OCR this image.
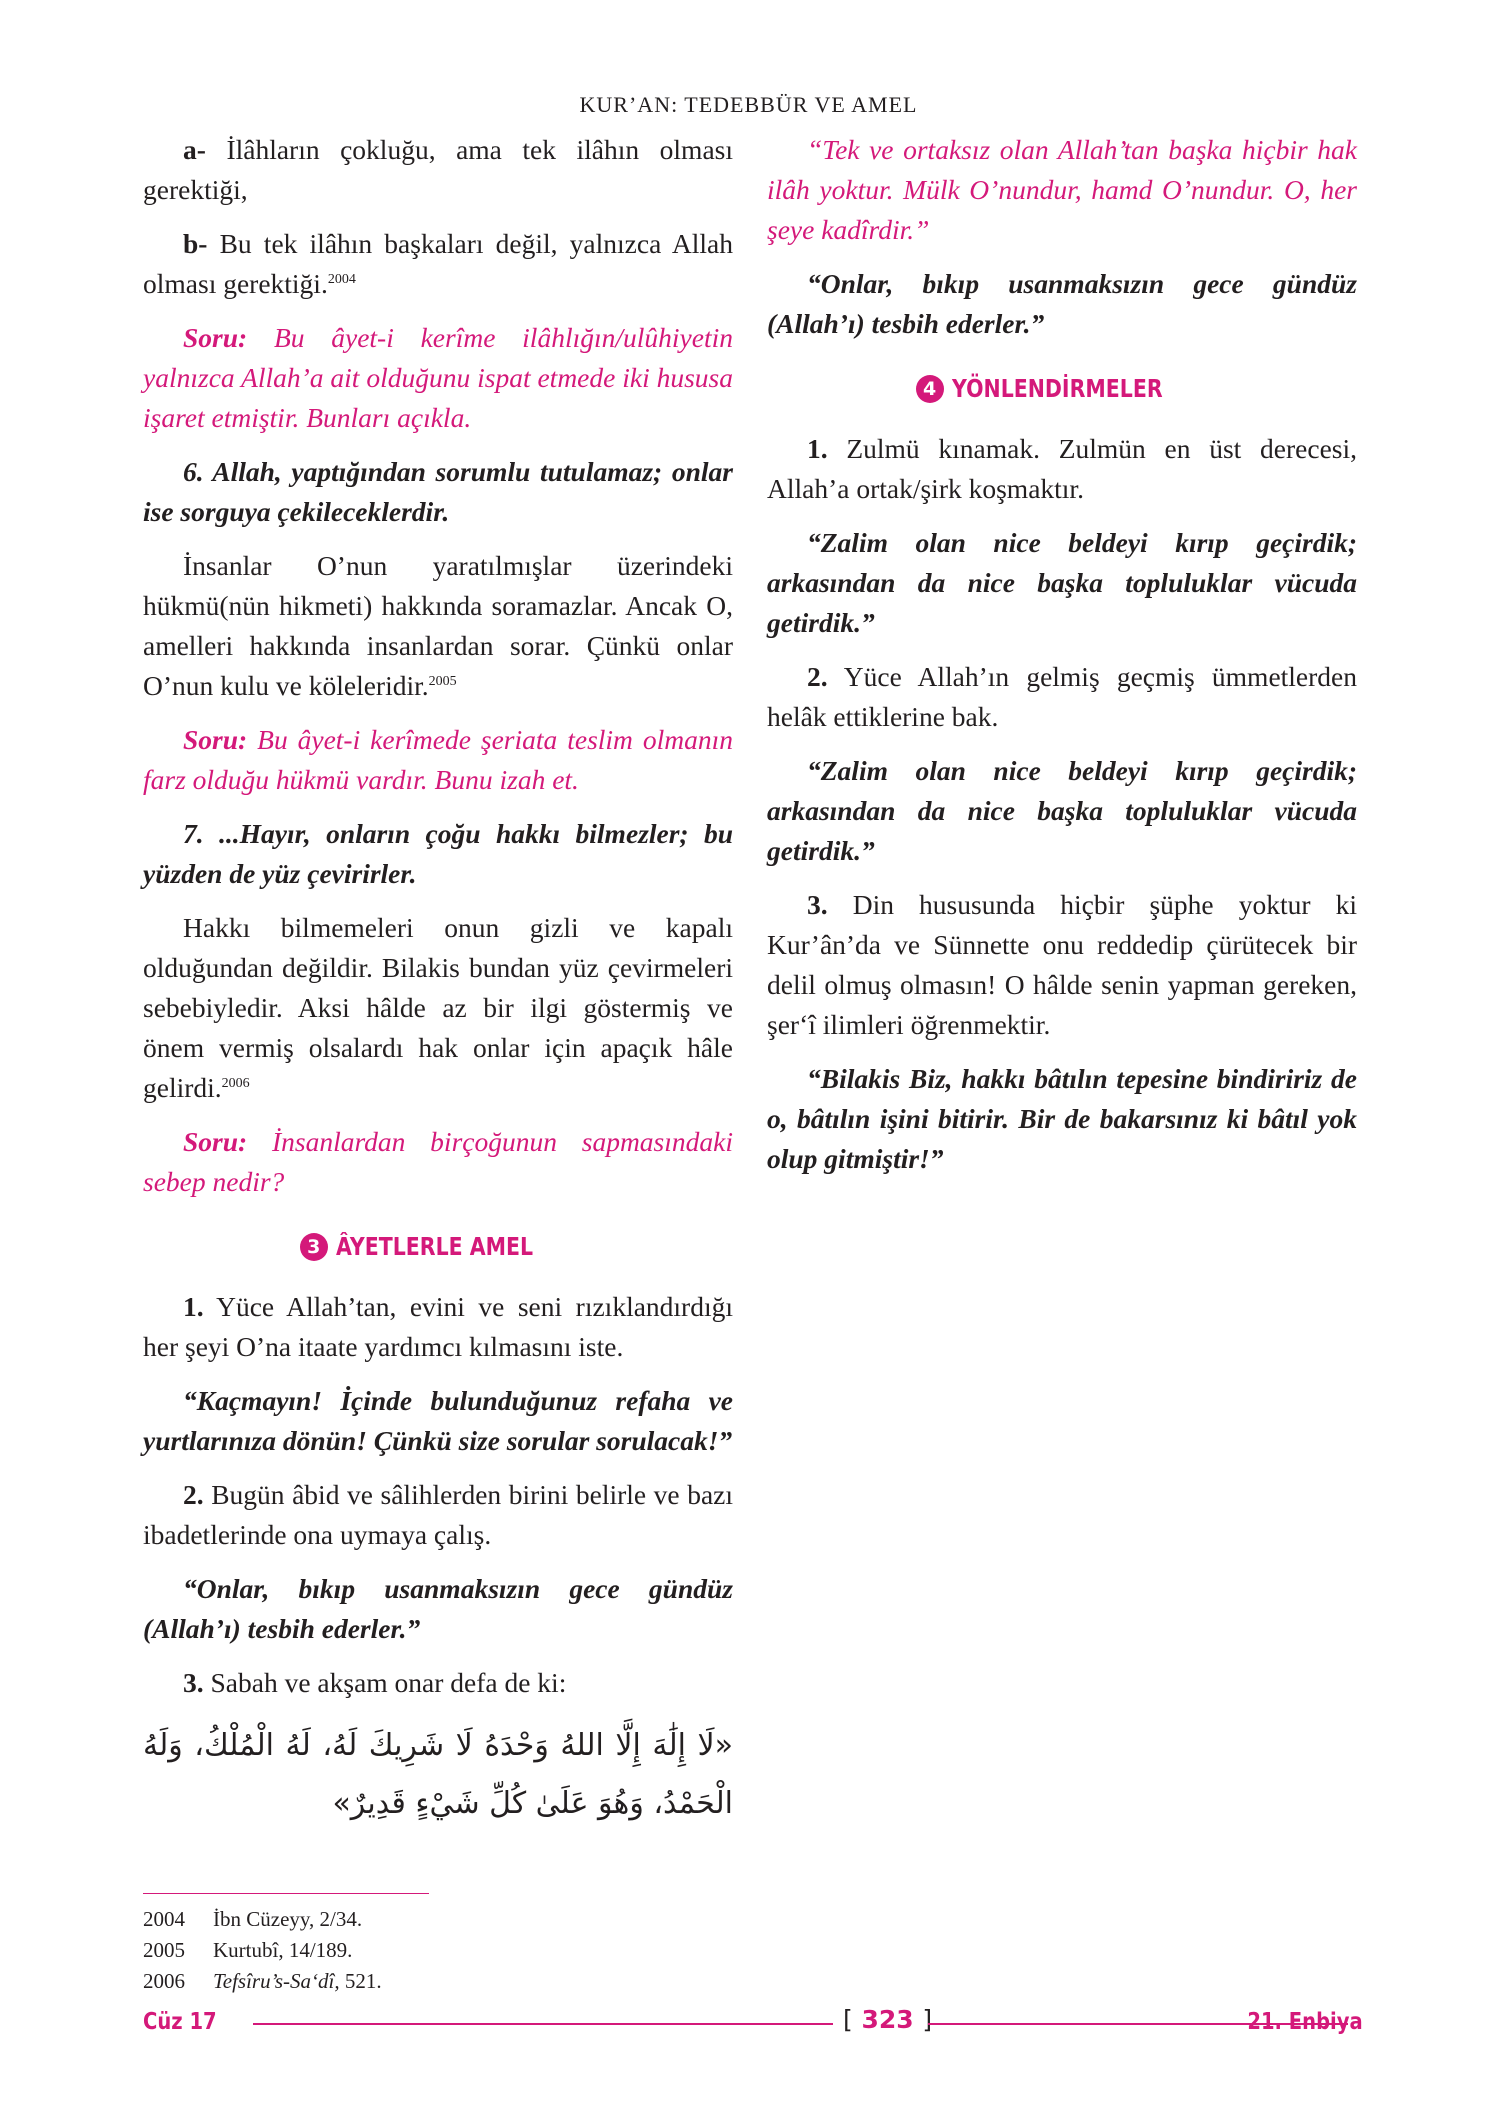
KUR’AN: TEDEBBÜR VE AMEL

a- İlâhların çokluğu, ama tek ilâhın olması gerektiği,

b- Bu tek ilâhın başkaları değil, yalnızca Allah olması gerektiği.$^{2004}$

Soru: Bu âyet-i kerîme ilâhlığın/ulûhiyetin yalnızca Allah’a ait olduğunu ispat etmede iki hususa işaret etmiştir. Bunları açıkla.

6. Allah, yaptığından sorumlu tutulamaz; onlar ise sorguya çekileceklerdir.

İnsanlar O’nun yaratılmışlar üzerindeki hükmü(nün hikmeti) hakkında soramazlar. Ancak O, amelleri hakkında insanlardan sorar. Çünkü onlar O’nun kulu ve köleleridir.$^{2005}$

Soru: Bu âyet-i kerîmede şeriata teslim olmanın farz olduğu hükmü vardır. Bunu izah et.

7. ...Hayır, onların çoğu hakkı bilmezler; bu yüzden de yüz çevirirler.

Hakkı bilmemeleri onun gizli ve kapalı olduğundan değildir. Bilakis bundan yüz çevirmeleri sebebiyledir. Aksi hâlde az bir ilgi göstermiş ve önem vermiş olsalardı hak onlar için apaçık hâle gelirdi.$^{2006}$

Soru: İnsanlardan birçoğunun sapmasındaki sebep nedir?

3 ÂYETLERLE AMEL

1. Yüce Allah’tan, evini ve seni rızıklandırdığı her şeyi O’na itaate yardımcı kılmasını iste.

“Kaçmayın! İçinde bulunduğunuz refaha ve yurtlarınıza dönün! Çünkü size sorular sorulacak!”

2. Bugün âbid ve sâlihlerden birini belirle ve bazı ibadetlerinde ona uymaya çalış.

“Onlar, bıkıp usanmaksızın gece gündüz (Allah’ı) tesbih ederler.”

3. Sabah ve akşam onar defa de ki:

«لَا إِلَٰهَ إِلَّا اللهُ وَحْدَهُ لَا شَرِيكَ لَهُ، لَهُ الْمُلْكُ، وَلَهُ الْحَمْدُ، وَهُوَ عَلَىٰ كُلِّ شَيْءٍ قَدِيرٌ»

“Tek ve ortaksız olan Allah’tan başka hiçbir hak ilâh yoktur. Mülk O’nundur, hamd O’nundur. O, her şeye kadîrdir.”

“Onlar, bıkıp usanmaksızın gece gündüz (Allah’ı) tesbih ederler.”

4 YÖNLENDİRMELER

1. Zulmü kınamak. Zulmün en üst derecesi, Allah’a ortak/şirk koşmaktır.

“Zalim olan nice beldeyi kırıp geçirdik; arkasından da nice başka topluluklar vücuda getirdik.”

2. Yüce Allah’ın gelmiş geçmiş ümmetlerden helâk ettiklerine bak.

“Zalim olan nice beldeyi kırıp geçirdik; arkasından da nice başka topluluklar vücuda getirdik.”

3. Din hususunda hiçbir şüphe yoktur ki Kur’ân’da ve Sünnette onu reddedip çürütecek bir delil olmuş olmasın! O hâlde senin yapman gereken, şer‘î ilimleri öğrenmektir.

“Bilakis Biz, hakkı bâtılın tepesine bindiririz de o, bâtılın işini bitirir. Bir de bakarsınız ki bâtıl yok olup gitmiştir!”

2004 İbn Cüzeyy, 2/34.
2005 Kurtubî, 14/189.
2006 Tefsîru’s-Sa‘dî, 521.
Cüz 17	[ 323 ]	21. Enbiya
